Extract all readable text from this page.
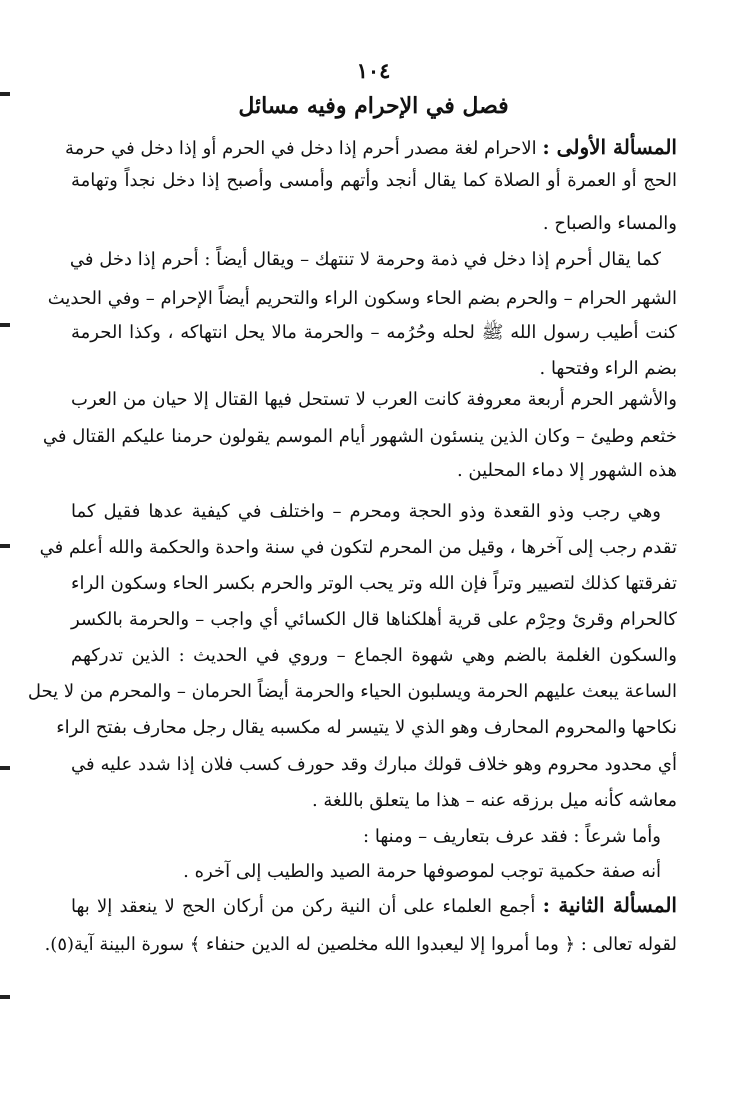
١٠٤
فصل في الإحرام وفيه مسائل
المسألة الأولى : الاحرام لغة مصدر أحرم إذا دخل في الحرم أو إذا دخل في حرمة
الحج أو العمرة أو الصلاة كما يقال أنجد وأتهم وأمسى وأصبح إذا دخل نجداً وتهامة
والمساء والصباح .
كما يقال أحرم إذا دخل في ذمة وحرمة لا تنتهك – ويقال أيضاً : أحرم إذا دخل في
الشهر الحرام – والحرم بضم الحاء وسكون الراء والتحريم أيضاً الإحرام – وفي الحديث
كنت أطيب رسول الله ﷺ لحله وحُرُمه – والحرمة مالا يحل انتهاكه ، وكذا الحرمة
بضم الراء وفتحها .
والأشهر الحرم أربعة معروفة كانت العرب لا تستحل فيها القتال إلا حيان من العرب
خثعم وطيئ – وكان الذين ينسئون الشهور أيام الموسم يقولون حرمنا عليكم القتال في
هذه الشهور إلا دماء المحلين .
وهي رجب وذو القعدة وذو الحجة ومحرم – واختلف في كيفية عدها فقيل كما
تقدم رجب إلى آخرها ، وقيل من المحرم لتكون في سنة واحدة والحكمة والله أعلم في
تفرقتها كذلك لتصيير وتراً فإن الله وتر يحب الوتر والحرم بكسر الحاء وسكون الراء
كالحرام وقرئ وحِرْم على قرية أهلكناها قال الكسائي أي واجب – والحرمة بالكسر
والسكون الغلمة بالضم وهي شهوة الجماع – وروي في الحديث : الذين تدركهم
الساعة يبعث عليهم الحرمة ويسلبون الحياء والحرمة أيضاً الحرمان – والمحرم من لا يحل
نكاحها والمحروم المحارف وهو الذي لا يتيسر له مكسبه يقال رجل محارف بفتح الراء
أي محدود محروم وهو خلاف قولك مبارك وقد حورف كسب فلان إذا شدد عليه في
معاشه كأنه ميل برزقه عنه – هذا ما يتعلق باللغة .
وأما شرعاً : فقد عرف بتعاريف – ومنها :
أنه صفة حكمية توجب لموصوفها حرمة الصيد والطيب إلى آخره .
المسألة الثانية : أجمع العلماء على أن النية ركن من أركان الحج لا ينعقد إلا بها
لقوله تعالى : ﴿ وما أمروا إلا ليعبدوا الله مخلصين له الدين حنفاء ﴾ سورة البينة آية(٥).
